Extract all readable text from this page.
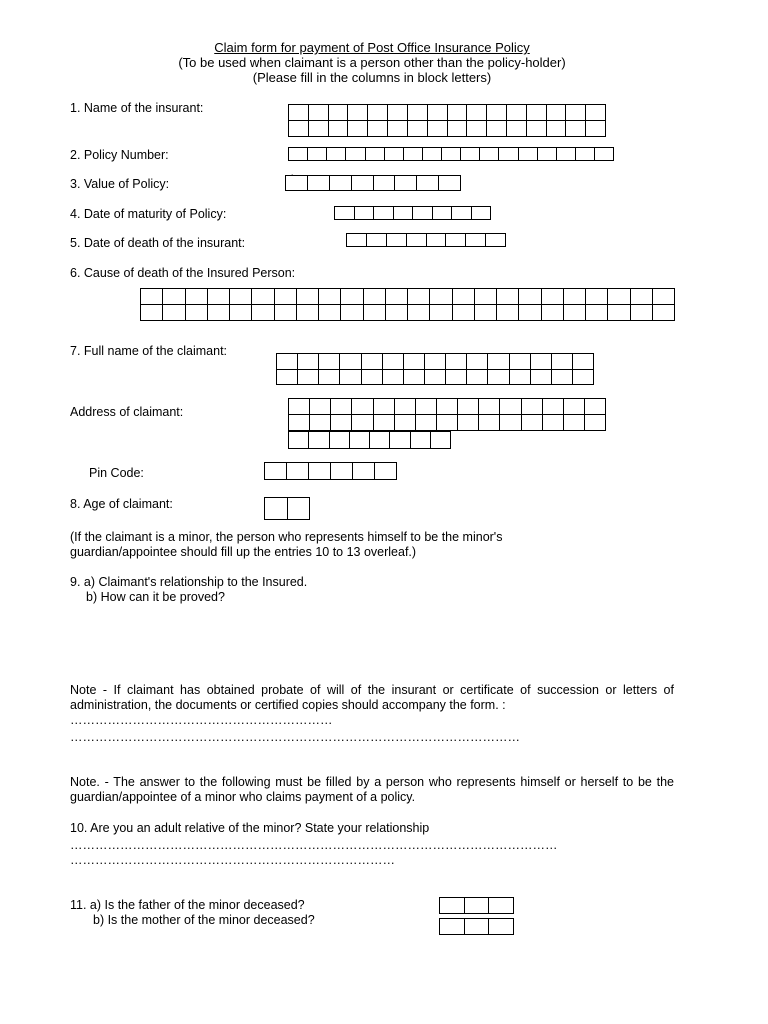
Claim form for payment of Post Office Insurance Policy
(To be used when claimant is a person other than the policy-holder)
(Please fill in the columns in block letters)
1. Name of the insurant:
2. Policy Number:
3. Value of Policy:	`
4. Date of maturity of Policy:
5. Date of death of the insurant:
6. Cause of death of the Insured Person:
7. Full name of the claimant:
Address of claimant:
Pin Code:
8. Age of claimant:
(If the claimant is a minor, the person who represents himself to be the minor's
guardian/appointee should fill up the entries 10 to 13 overleaf.)
9. a) Claimant's relationship to the Insured.
b) How can it be proved?
Note - If claimant has obtained probate of will of the insurant or certificate of succession or letters of administration, the documents or certified copies should accompany the form. :
………………………………………………………
………………………………………………………………………………………………
Note. - The answer to the following must be filled by a person who represents himself or herself to be the guardian/appointee of a minor who claims payment of a policy.
10. Are you an adult relative of the minor? State your relationship
………………………………………………………………………………………………………
……………………………………………………………………
11. a) Is the father of the minor deceased?
b) Is the mother of the minor deceased?
